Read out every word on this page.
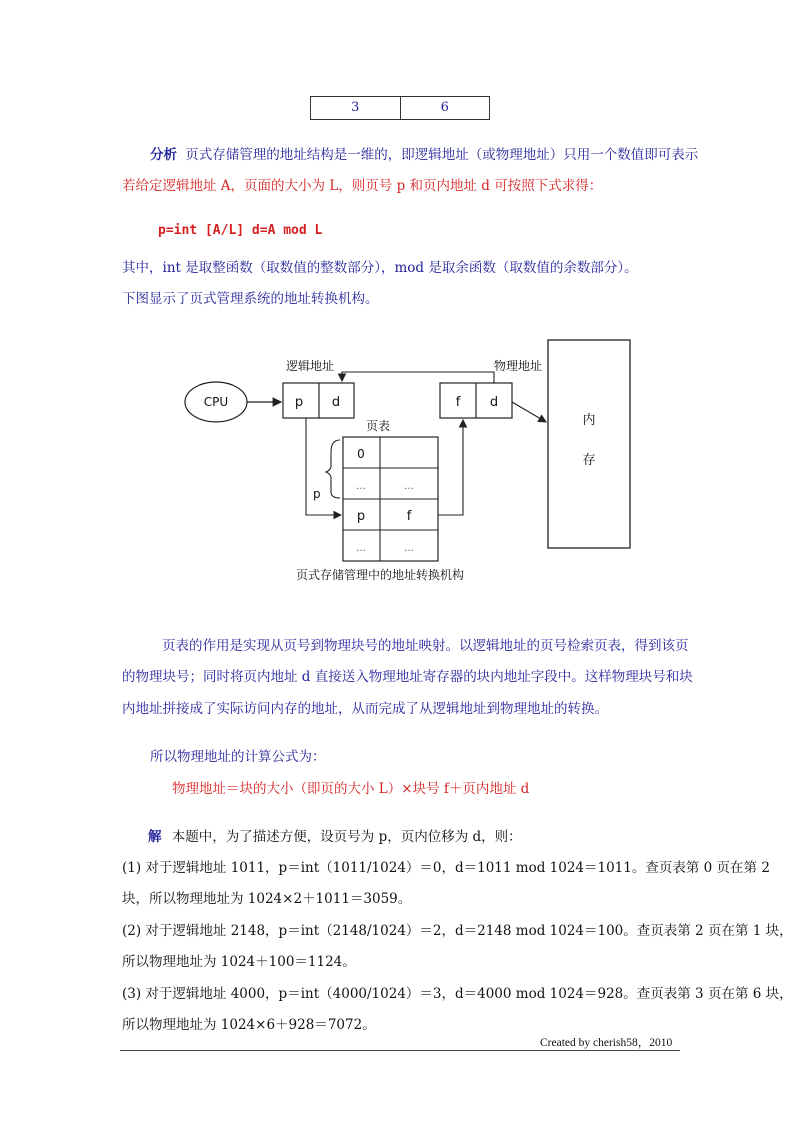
3	6
分析 页式存储管理的地址结构是一维的，即逻辑地址（或物理地址）只用一个数值即可表示
若给定逻辑地址 A，页面的大小为 L，则页号 p 和页内地址 d 可按照下式求得：
p=int [A/L] d=A mod L
其中，int 是取整函数（取数值的整数部分），mod 是取余函数（取数值的余数部分）。
下图显示了页式管理系统的地址转换机构。
逻辑地址	物理地址
页表
CPU	p d	f d
内
存
0
…	…
p	f
…	…
p
页式存储管理中的地址转换机构
页表的作用是实现从页号到物理块号的地址映射。以逻辑地址的页号检索页表，得到该页
的物理块号；同时将页内地址 d 直接送入物理地址寄存器的块内地址字段中。这样物理块号和块
内地址拼接成了实际访问内存的地址，从而完成了从逻辑地址到物理地址的转换。
所以物理地址的计算公式为：
物理地址＝块的大小（即页的大小 L）×块号 f＋页内地址 d
解 本题中，为了描述方便，设页号为 p，页内位移为 d，则：
(1) 对于逻辑地址 1011，p＝int（1011/1024）＝0，d＝1011 mod 1024＝1011。查页表第 0 页在第 2
块，所以物理地址为 1024×2＋1011＝3059。
(2) 对于逻辑地址 2148，p＝int（2148/1024）＝2，d＝2148 mod 1024＝100。查页表第 2 页在第 1 块，
所以物理地址为 1024＋100＝1124。
(3) 对于逻辑地址 4000，p＝int（4000/1024）＝3，d＝4000 mod 1024＝928。查页表第 3 页在第 6 块，
所以物理地址为 1024×6＋928＝7072。
Created by cherish58，2010
